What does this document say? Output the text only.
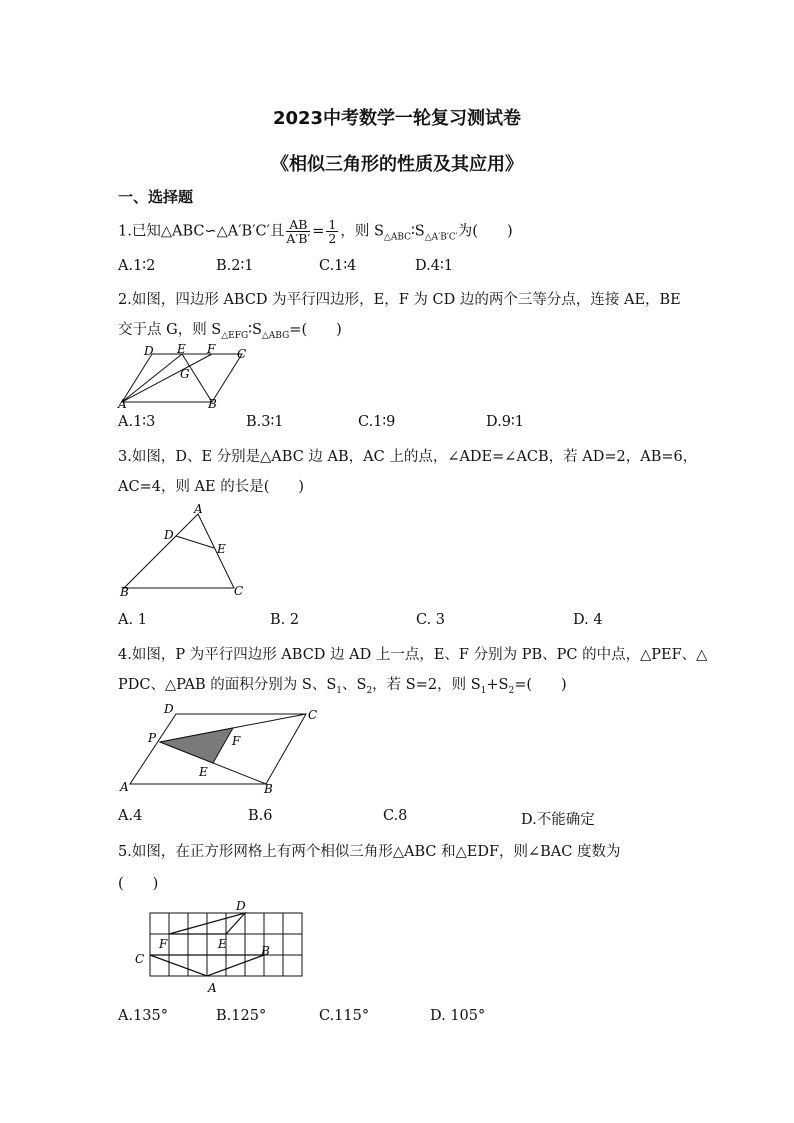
2023中考数学一轮复习测试卷
《相似三角形的性质及其应用》
一、选择题
1.已知△ABC∽△A′B′C′且 $\frac{AB}{A'B'} = \frac{1}{2}$ ，则 $S_{\triangle ABC}∶S_{\triangle A'B'C'}$为(　　)
A.1∶2	B.2∶1	C.1∶4	D.4∶1
2.如图，四边形 ABCD 为平行四边形，E，F 为 CD 边的两个三等分点，连接 AE，BE
交于点 G，则 $S_{\triangle EFG}∶S_{\triangle ABG}=$(　　)
D E F C
G
A	B
A.1∶3	B.3∶1	C.1∶9	D.9∶1
3.如图，D、E 分别是△ABC 边 AB，AC 上的点，∠ADE=∠ACB，若 AD=2，AB=6，
AC=4，则 AE 的长是(　　)
A
D
E
B	C
A. 1	B. 2	C. 3	D. 4
4.如图，P 为平行四边形 ABCD 边 AD 上一点，E、F 分别为 PB、PC 的中点，△PEF、△
PDC、△PAB 的面积分别为 S、$S_1$、$S_2$，若 S=2，则 $S_1+S_2=$(　　)
D	C
P	F
E
A	B
A.4	B.6	C.8	D.不能确定
5.如图，在正方形网格上有两个相似三角形△ABC 和△EDF，则∠BAC 度数为
(　　)
D
F	E	B
C
A
A.135°	B.125°	C.115°	D. 105°
